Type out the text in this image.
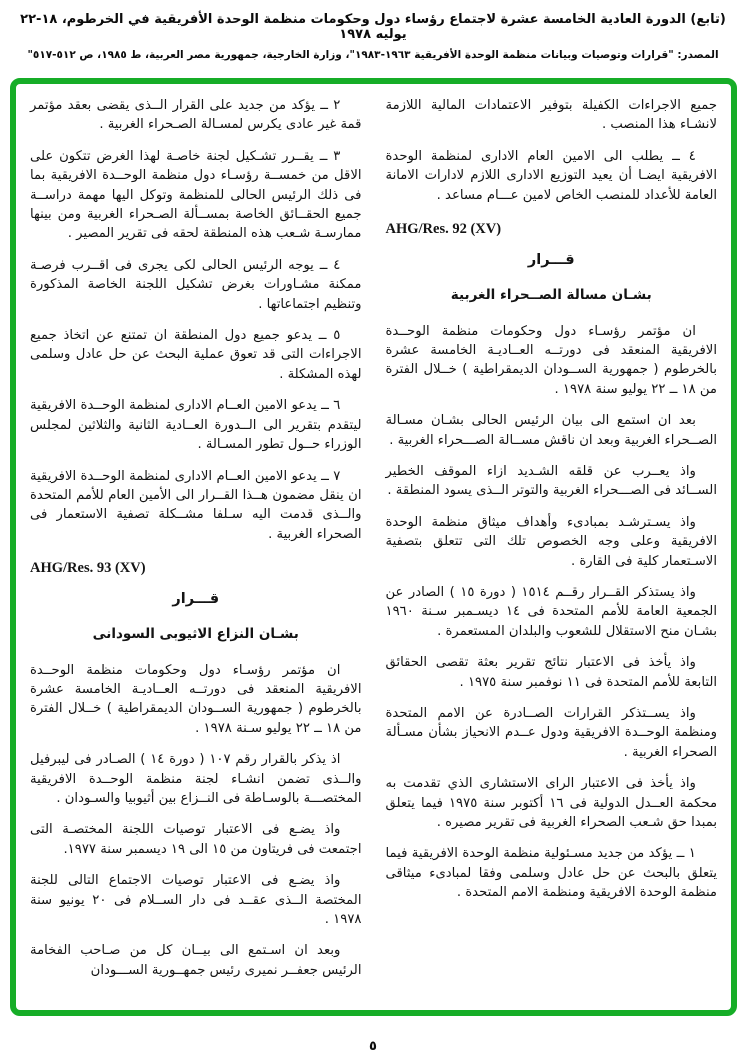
(تابع) الدورة العادية الخامسة عشرة لاجتماع رؤساء دول وحكومات منظمة الوحدة الأفريقية في الخرطوم، ١٨-٢٢ يوليه ١٩٧٨
المصدر: "قرارات وتوصيات وبيانات منظمة الوحدة الأفريقية ١٩٦٣-١٩٨٣"، وزارة الخارجية، جمهورية مصر العربية، ط ١٩٨٥، ص ٥١٢-٥١٧"

جميع الاجراءات الكفيلة بتوفير الاعتمادات المالية اللازمة لانشـاء هذا المنصب .

٤ ــ يطلب الى الامين العام الادارى لمنظمة الوحدة الافريقية ايضـا أن يعيد التوزيع الادارى اللازم لادارات الامانة العامة للأعداد للمنصب الخاص لامين عـــام مساعد .

AHG/Res. 92 (XV)

قـــرار

بشـان مسالة الصــحراء الغربية

ان مؤتمر رؤسـاء دول وحكومات منظمة الوحــدة الافريقية المنعقد فى دورتــه العــاديـة الخامسة عشرة بالخرطوم ( جمهورية الســودان الديمقراطية ) خــلال الفترة من ١٨ ــ ٢٢ يوليو سنة ١٩٧٨ .

بعد ان استمع الى بيان الرئيس الحالى بشـان مسـالة الصــحراء الغربية وبعد ان ناقش مســالة الصـــحراء الغربية .

واذ يعــرب عن قلقه الشـديد ازاء الموقف الخطير الســائد فى الصـــحراء الغربية والتوتر الــذى يسود المنطقة .

واذ يسـترشـد بمبادىء وأهداف ميثاق منظمة الوحدة الافريقية وعلى وجه الخصوص تلك التى تتعلق بتصفية الاسـتعمار كلية فى القارة .

واذ يستذكر القــرار رقــم ١٥١٤ ( دورة ١٥ ) الصادر عن الجمعية العامة للأمم المتحدة فى ١٤ ديسـمبر سـنة ١٩٦٠ بشـان منح الاستقلال للشعوب والبلدان المستعمرة .

واذ يأخذ فى الاعتبار نتائج تقرير بعثة تقصى الحقائق التابعة للأمم المتحدة فى ١١ نوفمبر سنة ١٩٧٥ .

واذ يســتذكر القرارات الصــادرة عن الامم المتحدة ومنظمة الوحــدة الافريقية ودول عــدم الانحياز بشأن مسـألة الصحراء الغربية .

واذ يأخذ فى الاعتبار الراى الاستشارى الذي تقدمت به محكمة العــدل الدولية فى ١٦ أكتوبر سنة ١٩٧٥ فيما يتعلق بمبدا حق شـعب الصحراء الغربية فى تقرير مصيره .

١ ــ يؤكد من جديد مسـئولية منظمة الوحدة الافريقية فيما يتعلق بالبحث عن حل عادل وسلمى وفقا لمبادىء ميثاقى منظمة الوحدة الافريقية ومنظمة الامم المتحدة .

٢ ــ يؤكد من جديد على القرار الــذى يقضى بعقد مؤتمر قمة غير عادى يكرس لمسـالة الصـحراء الغربية .

٣ ــ يقــرر تشـكيل لجنة خاصـة لهذا الغرض تتكون على الاقل من خمســة رؤسـاء دول منظمة الوحــدة الافريقية بما فى ذلك الرئيس الحالى للمنظمة وتوكل اليها مهمة دراســة جميع الحقــائق الخاصة بمســألة الصـحراء الغربية ومن بينها ممارسـة شـعب هذه المنطقة لحقه فى تقرير المصير .

٤ ــ يوجه الرئيس الحالى لكى يجرى فى اقــرب فرصـة ممكنة مشـاورات بغرض تشكيل اللجنة الخاصة المذكورة وتنظيم اجتماعاتها .

٥ ــ يدعو جميع دول المنطقة ان تمتنع عن اتخاذ جميع الاجراءات التى قد تعوق عملية البحث عن حل عادل وسلمى لهذه المشكلة .

٦ ــ يدعو الامين العــام الادارى لمنظمة الوحــدة الافريقية ليتقدم بتقرير الى الــدورة العــادية الثانية والثلاثين لمجلس الوزراء حــول تطور المسـالة .

٧ ــ يدعو الامين العــام الادارى لمنظمة الوحــدة الافريقية ان ينقل مضمون هــذا القــرار الى الأمين العام للأمم المتحدة والــذى قدمت اليه سـلفا مشــكلة تصفية الاستعمار فى الصحراء الغربية .

AHG/Res. 93 (XV)

قـــرار

بشـان النزاع الاثيوبى السودانى

ان مؤتمر رؤسـاء دول وحكومات منظمة الوحــدة الافريقية المنعقد فى دورتــه العــاديـة الخامسة عشرة بالخرطوم ( جمهورية الســودان الديمقراطية ) خــلال الفترة من ١٨ ــ ٢٢ يوليو سـنة ١٩٧٨ .

اذ يذكر بالقرار رقم ١٠٧ ( دورة ١٤ ) الصـادر فى ليبرفيل والــذى تضمن انشـاء لجنة منظمة الوحــدة الافريقية المختصـــة بالوسـاطة فى النــزاع بين أثيوبيا والسـودان .

واذ يضـع فى الاعتبار توصيات اللجنة المختصـة التى اجتمعت فى فريتاون من ١٥ الى ١٩ ديسمبر سنة ١٩٧٧.

واذ يضـع فى الاعتبار توصيات الاجتماع التالى للجنة المختصة الــذى عقــد فى دار الســلام فى ٢٠ يونيو سنة ١٩٧٨ .

وبعد ان اسـتمع الى بيــان كل من صـاحب الفخامة الرئيس جعفــر نميرى رئيس جمهــورية الســـودان

٥
